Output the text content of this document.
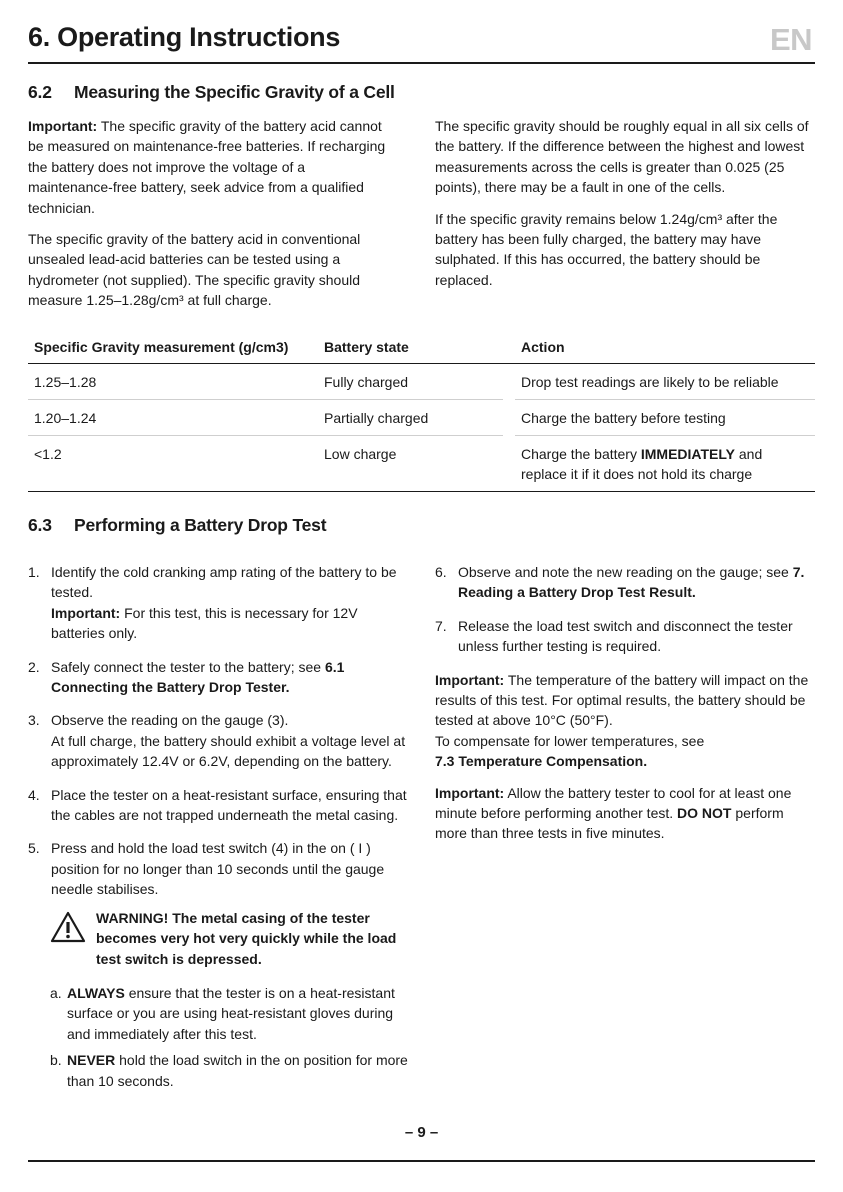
6. Operating Instructions	EN
6.2 Measuring the Specific Gravity of a Cell

Important: The specific gravity of the battery acid cannot be measured on maintenance-free batteries. If recharging the battery does not improve the voltage of a maintenance-free battery, seek advice from a qualified technician.

The specific gravity of the battery acid in conventional unsealed lead-acid batteries can be tested using a hydrometer (not supplied). The specific gravity should measure 1.25–1.28g/cm³ at full charge.

The specific gravity should be roughly equal in all six cells of the battery. If the difference between the highest and lowest measurements across the cells is greater than 0.025 (25 points), there may be a fault in one of the cells.

If the specific gravity remains below 1.24g/cm³ after the battery has been fully charged, the battery may have sulphated. If this has occurred, the battery should be replaced.

Specific Gravity measurement (g/cm3)	Battery state		Action
1.25–1.28	Fully charged		Drop test readings are likely to be reliable
1.20–1.24	Partially charged		Charge the battery before testing
<1.2	Low charge		Charge the battery IMMEDIATELY and replace it if it does not hold its charge
6.3 Performing a Battery Drop Test
1. Identify the cold cranking amp rating of the battery to be tested.
Important: For this test, this is necessary for 12V batteries only.
2. Safely connect the tester to the battery; see 6.1 Connecting the Battery Drop Tester.
3. Observe the reading on the gauge (3).
At full charge, the battery should exhibit a voltage level at approximately 12.4V or 6.2V, depending on the battery.
4. Place the tester on a heat-resistant surface, ensuring that the cables are not trapped underneath the metal casing.
5. Press and hold the load test switch (4) in the on ( I ) position for no longer than 10 seconds until the gauge needle stabilises.
WARNING! The metal casing of the tester becomes very hot very quickly while the load test switch is depressed.
a. ALWAYS ensure that the tester is on a heat-resistant surface or you are using heat-resistant gloves during and immediately after this test.
b. NEVER hold the load switch in the on position for more than 10 seconds.
6. Observe and note the new reading on the gauge; see 7. Reading a Battery Drop Test Result.
7. Release the load test switch and disconnect the tester unless further testing is required.

Important: The temperature of the battery will impact on the results of this test. For optimal results, the battery should be tested at above 10°C (50°F).
To compensate for lower temperatures, see
7.3 Temperature Compensation.

Important: Allow the battery tester to cool for at least one minute before performing another test. DO NOT perform more than three tests in five minutes.

– 9 –
